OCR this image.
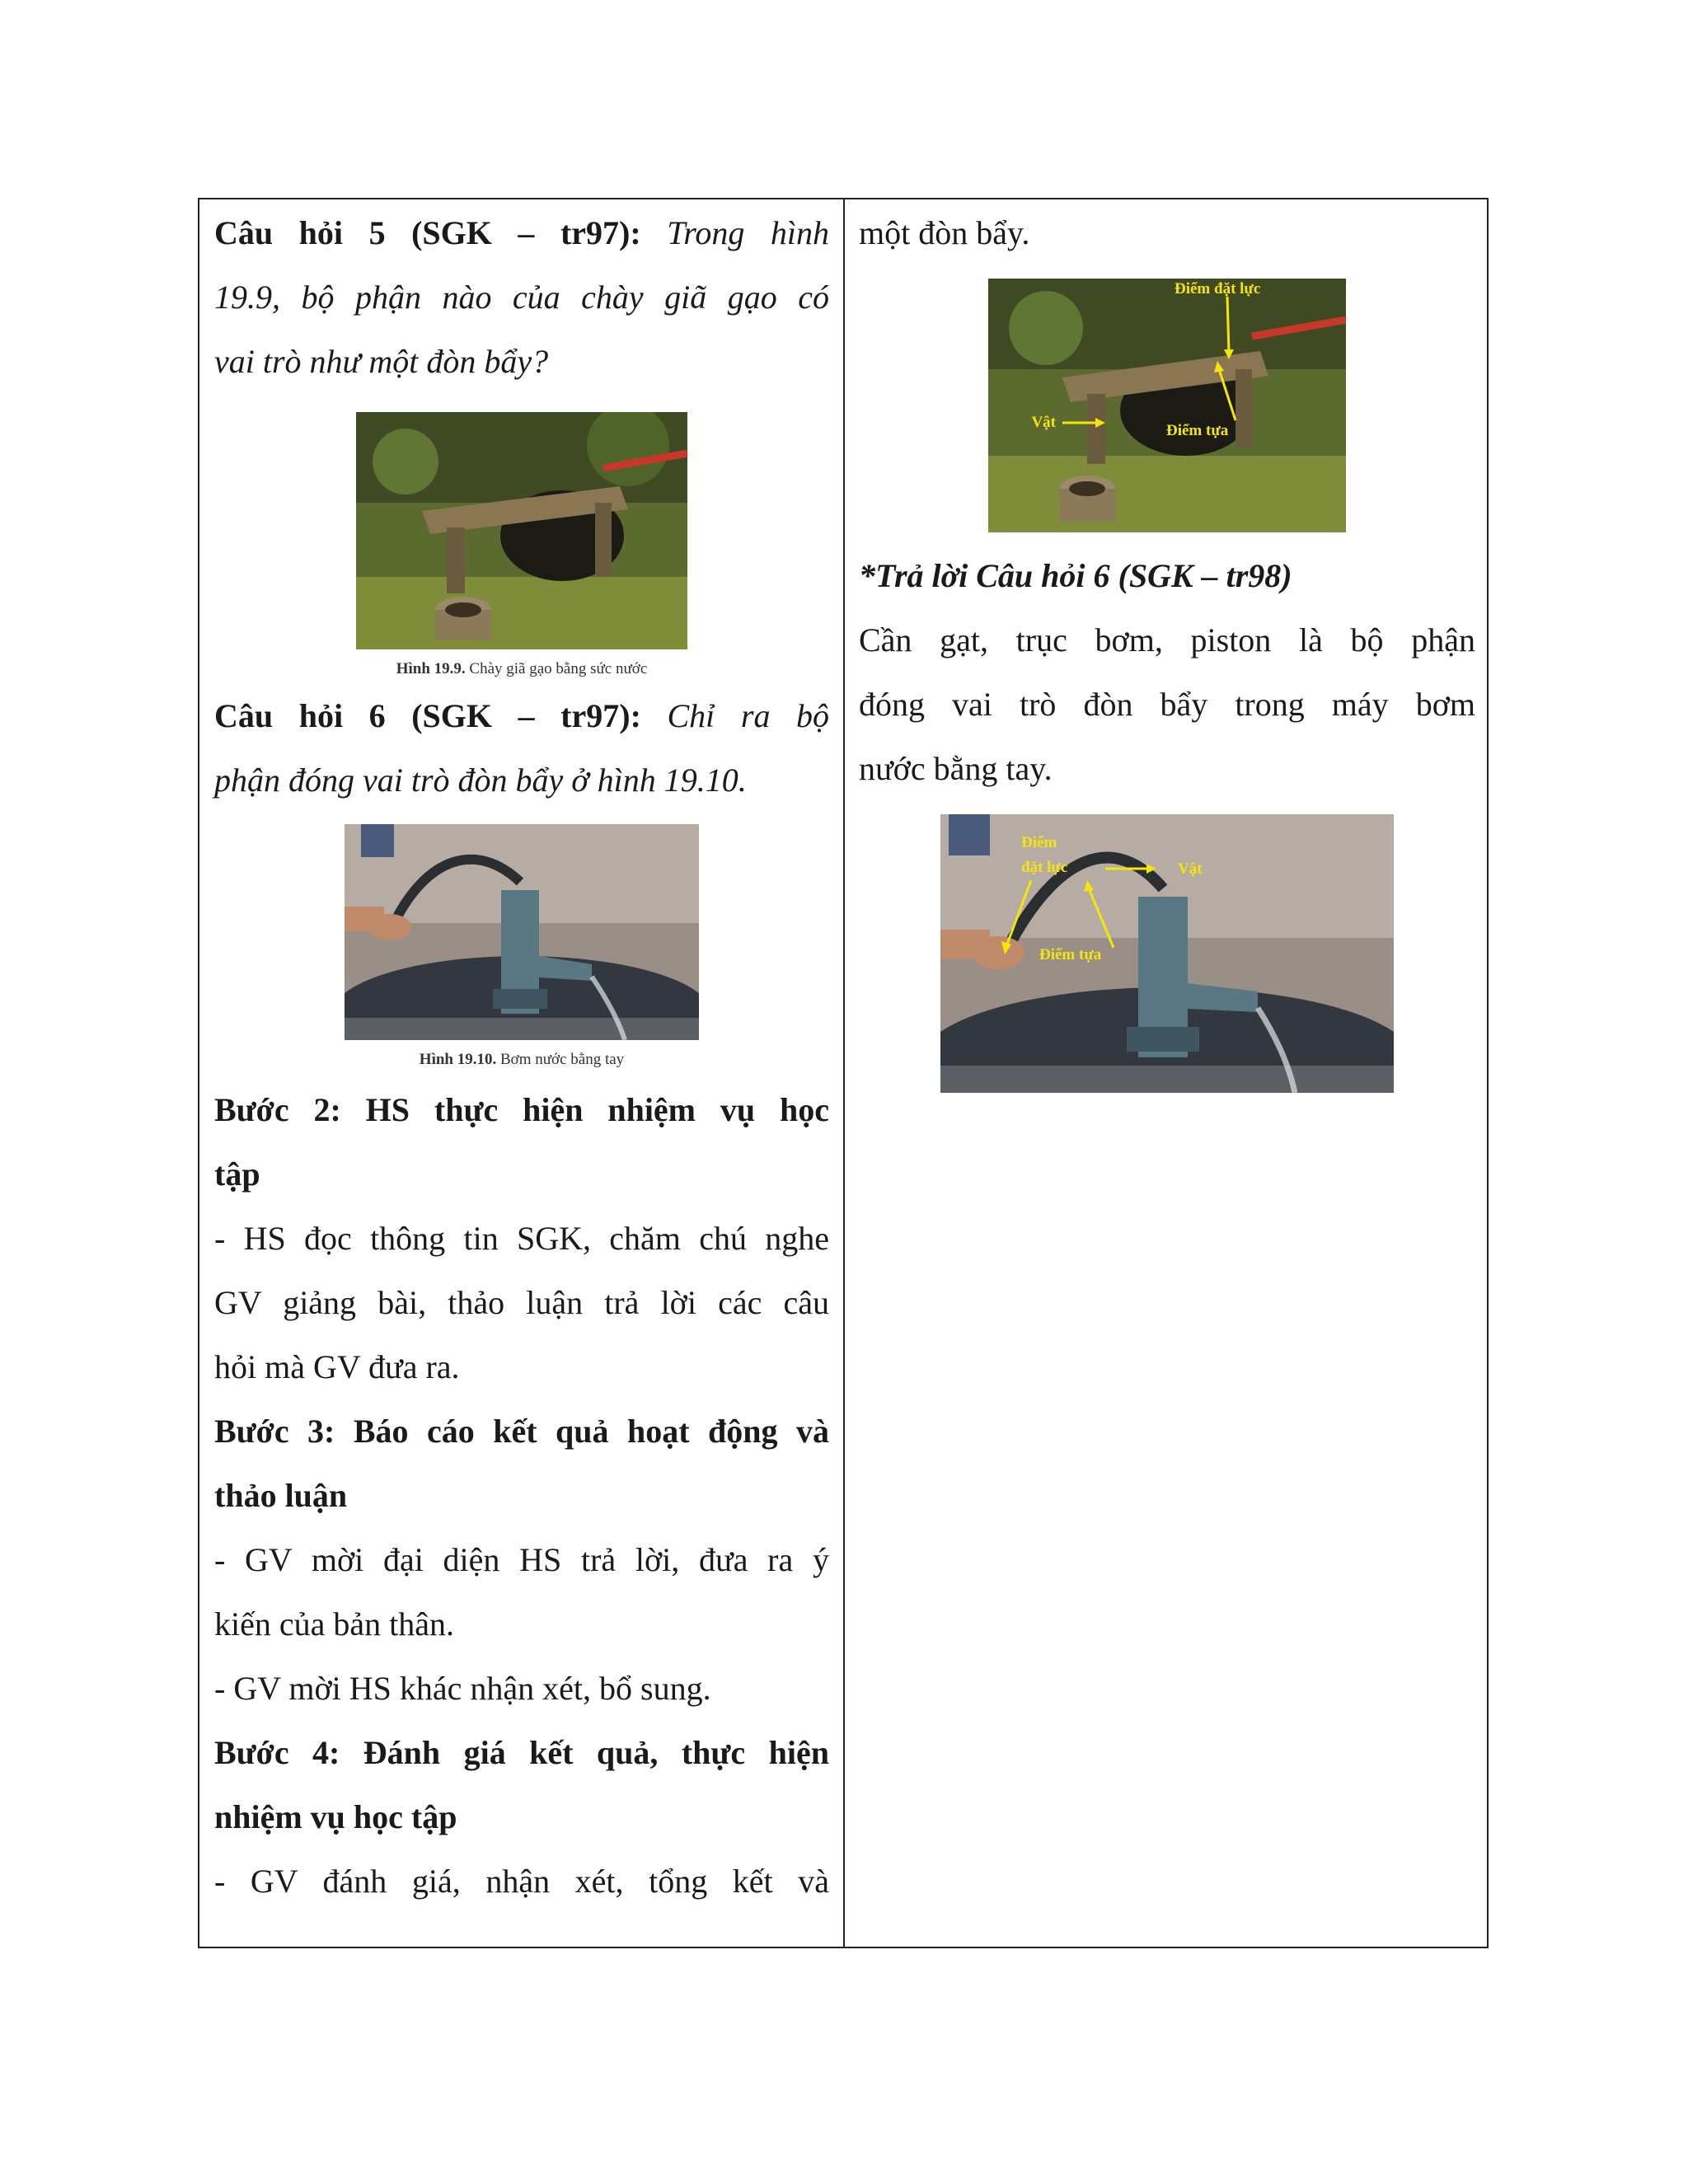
Câu hỏi 5 (SGK – tr97): Trong hình

19.9, bộ phận nào của chày giã gạo có

vai trò như một đòn bẩy?

Hình 19.9. Chày giã gạo bằng sức nước

Câu hỏi 6 (SGK – tr97): Chỉ ra bộ

phận đóng vai trò đòn bẩy ở hình 19.10.

Hình 19.10. Bơm nước bằng tay

Bước 2: HS thực hiện nhiệm vụ học

tập

- HS đọc thông tin SGK, chăm chú nghe

GV giảng bài, thảo luận trả lời các câu

hỏi mà GV đưa ra.

Bước 3: Báo cáo kết quả hoạt động và

thảo luận

- GV mời đại diện HS trả lời, đưa ra ý

kiến của bản thân.

- GV mời HS khác nhận xét, bổ sung.

Bước 4: Đánh giá kết quả, thực hiện

nhiệm vụ học tập

- GV đánh giá, nhận xét, tổng kết và

một đòn bẩy.

Điểm đặt lực
Vật	Điểm tựa

*Trả lời Câu hỏi 6 (SGK – tr98)

Cần gạt, trục bơm, piston là bộ phận

đóng vai trò đòn bẩy trong máy bơm

nước bằng tay.

Điểm
đặt lực	Vật
Điểm tựa
